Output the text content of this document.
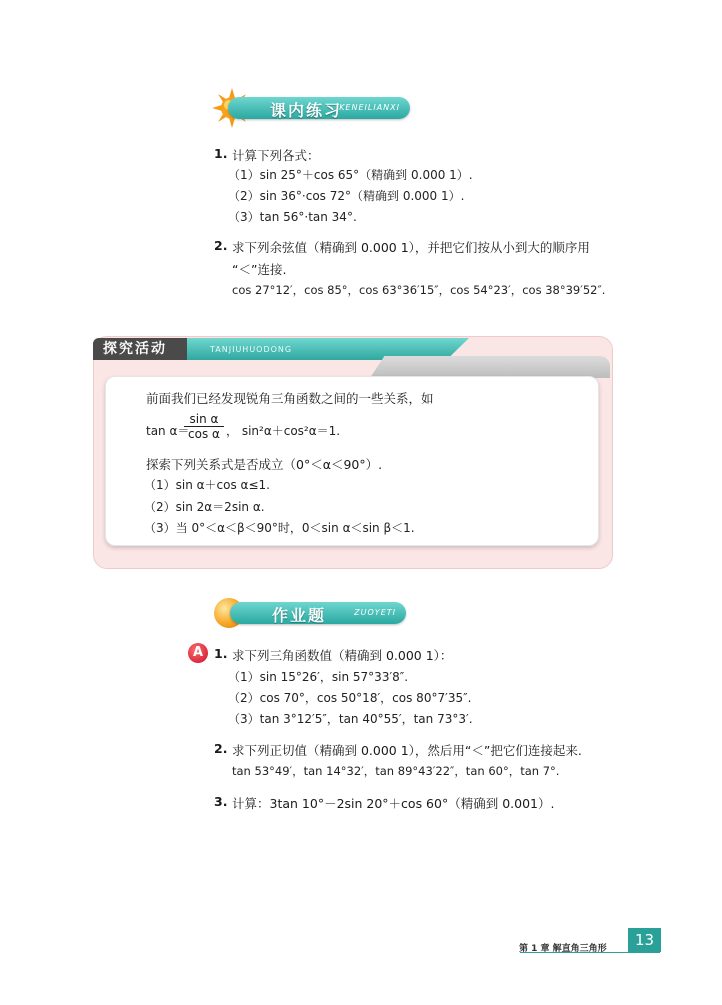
课内练习
KENEILIANXI
1. 计算下列各式：
（1）sin 25°＋cos 65°（精确到 0.000 1）.
（2）sin 36°·cos 72°（精确到 0.000 1）.
（3）tan 56°·tan 34°.
2. 求下列余弦值（精确到 0.000 1），并把它们按从小到大的顺序用
“＜”连接.
cos 27°12′，cos 85°，cos 63°36′15″，cos 54°23′，cos 38°39′52″.
探究活动	TANJIUHUODONG
前面我们已经发现锐角三角函数之间的一些关系，如
tan α＝
sin α
cos α ， sin²α＋cos²α＝1.
探索下列关系式是否成立（0°＜α＜90°）.
（1）sin α＋cos α≤1.
（2）sin 2α＝2sin α.
（3）当 0°＜α＜β＜90°时，0＜sin α＜sin β＜1.
作业题	ZUOYETI
A 1. 求下列三角函数值（精确到 0.000 1）：
（1）sin 15°26′，sin 57°33′8″.
（2）cos 70°，cos 50°18′，cos 80°7′35″.
（3）tan 3°12′5″，tan 40°55′，tan 73°3′.
2. 求下列正切值（精确到 0.000 1），然后用“＜”把它们连接起来.
tan 53°49′，tan 14°32′，tan 89°43′22″，tan 60°，tan 7°.
3. 计算：3tan 10°－2sin 20°＋cos 60°（精确到 0.001）.
第 1 章 解直角三角形	13
